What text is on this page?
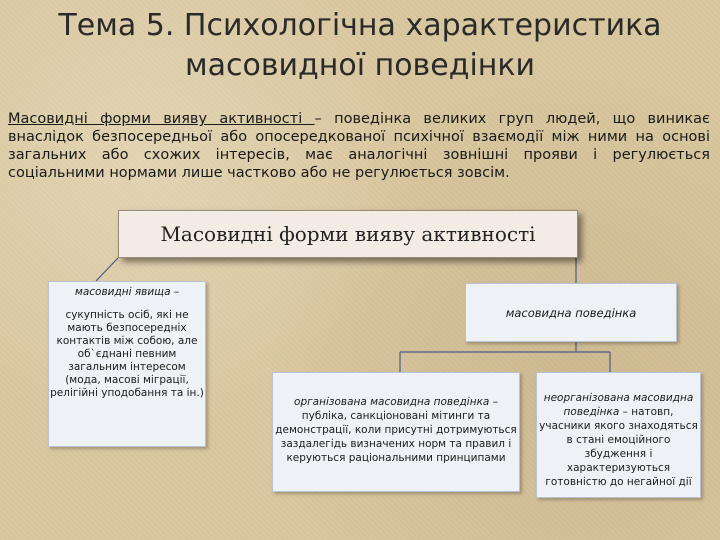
Тема 5. Психологічна характеристика масовидної поведінки
Масовидні форми вияву активності – поведінка великих груп людей, що виникає внаслідок безпосередньої або опосередкованої психічної взаємодії між ними на основі загальних або схожих інтересів, має аналогічні зовнішні прояви і регулюється соціальними нормами лише частково або не регулюється зовсім.
Масовидні форми вияву активності
масовидні явища –
сукупність осіб, які не мають безпосередніх контактів між собою, але об`єднані певним загальним інтересом (мода, масові міграції, релігійні уподобання та ін.)
масовидна поведінка
організована масовидна поведінка – публіка, санкціоновані мітинги та демонстрації, коли присутні дотримуються заздалегідь визначених норм та правил і керуються раціональними принципами
неорганізована масовидна поведінка – натовп, учасники якого знаходяться в стані емоційного збудження і характеризуються готовністю до негайної дії
